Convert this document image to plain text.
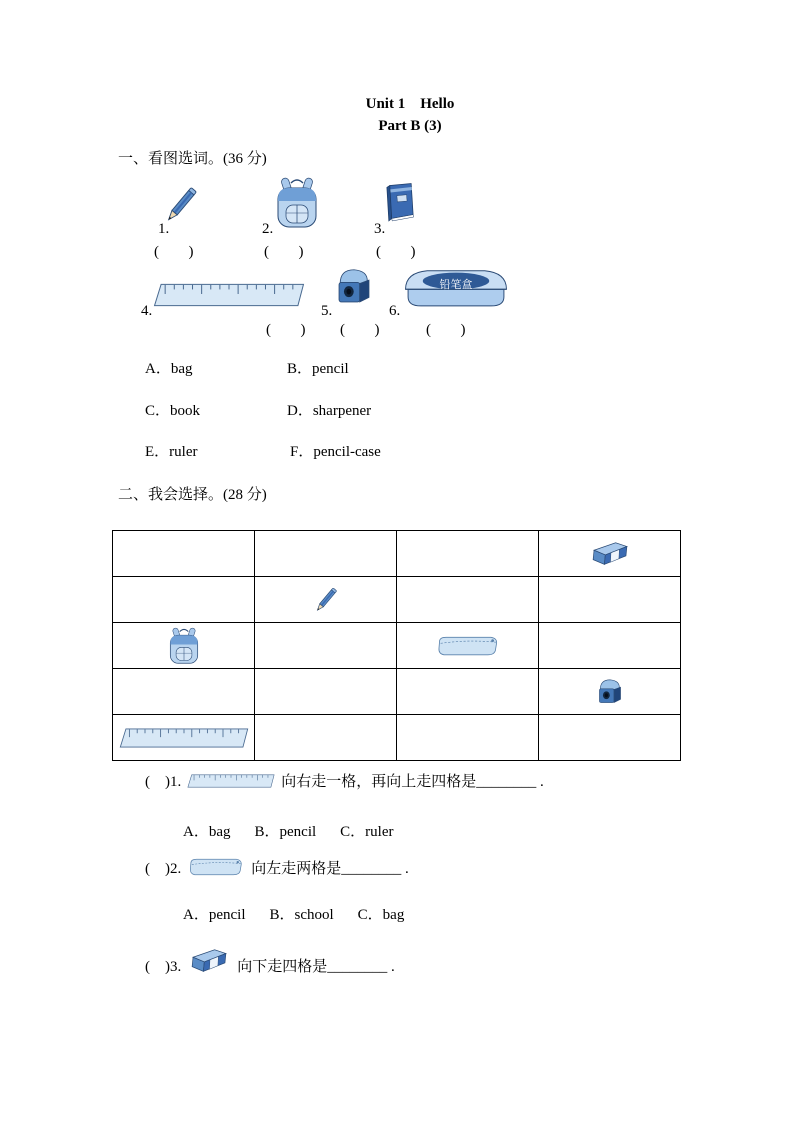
Unit 1    Hello
Part B (3)
一、看图选词。(36 分)
1.
(      )
2.
(      )
3.
(      )
4.
(      )
5.
(      )
6.
铅笔盒
(      )
A．bag	B．pencil
C．book	D．sharpener
E．ruler	F．pencil-case
二、我会选择。(28 分)

(    )1.	向右走一格，再向上走四格是________ .
A．bag B．pencil C．ruler
(    )2.	向左走两格是________ .
A．pencil B．school C．bag
(    )3.	向下走四格是________ .
